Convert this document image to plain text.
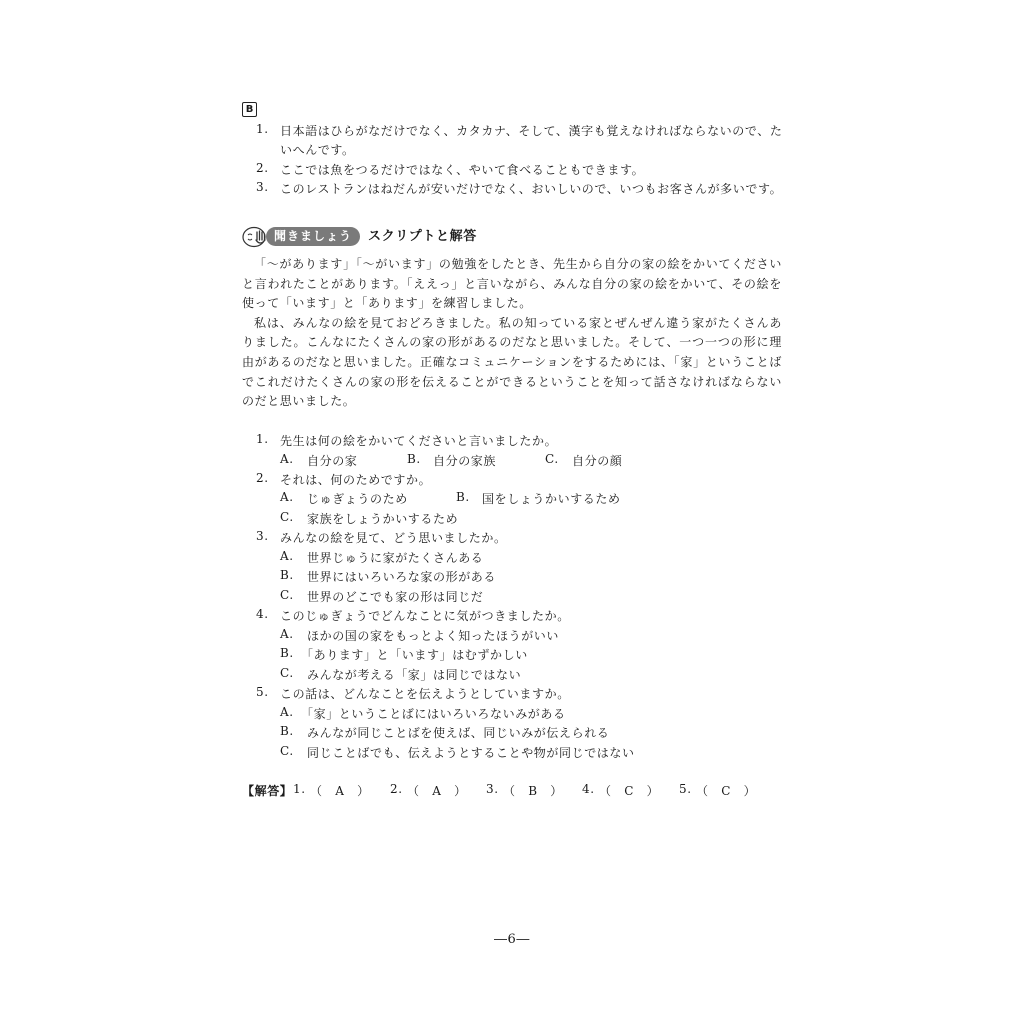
B
1. 日本語はひらがなだけでなく、カタカナ、そして、漢字も覚えなければならないので、た
いへんです。
2. ここでは魚をつるだけではなく、やいて食べることもできます。
3. このレストランはねだんが安いだけでなく、おいしいので、いつもお客さんが多いです。
聞きましょう	スクリプトと解答

「～があります」「～がいます」の勉強をしたとき、先生から自分の家の絵をかいてくださいと言われたことがあります。「ええっ」と言いながら、みんな自分の家の絵をかいて、その絵を使って「います」と「あります」を練習しました。

私は、みんなの絵を見ておどろきました。私の知っている家とぜんぜん違う家がたくさんありました。こんなにたくさんの家の形があるのだなと思いました。そして、一つ一つの形に理由があるのだなと思いました。正確なコミュニケーションをするためには、「家」ということばでこれだけたくさんの家の形を伝えることができるということを知って話さなければならないのだと思いました。

1. 先生は何の絵をかいてくださいと言いましたか。
A. 自分の家	B. 自分の家族	C. 自分の顔
2. それは、何のためですか。
A. じゅぎょうのため	B. 国をしょうかいするため
C. 家族をしょうかいするため
3. みんなの絵を見て、どう思いましたか。
A. 世界じゅうに家がたくさんある
B. 世界にはいろいろな家の形がある
C. 世界のどこでも家の形は同じだ
4. このじゅぎょうでどんなことに気がつきましたか。
A. ほかの国の家をもっとよく知ったほうがいい
B. 「あります」と「います」はむずかしい
C. みんなが考える「家」は同じではない
5. この話は、どんなことを伝えようとしていますか。
A. 「家」ということばにはいろいろないみがある
B. みんなが同じことばを使えば、同じいみが伝えられる
C. 同じことばでも、伝えようとすることや物が同じではない
【解答】 1. （　A　） 2. （　A　） 3. （　B　） 4. （　C　） 5. （　C　）
―6―
